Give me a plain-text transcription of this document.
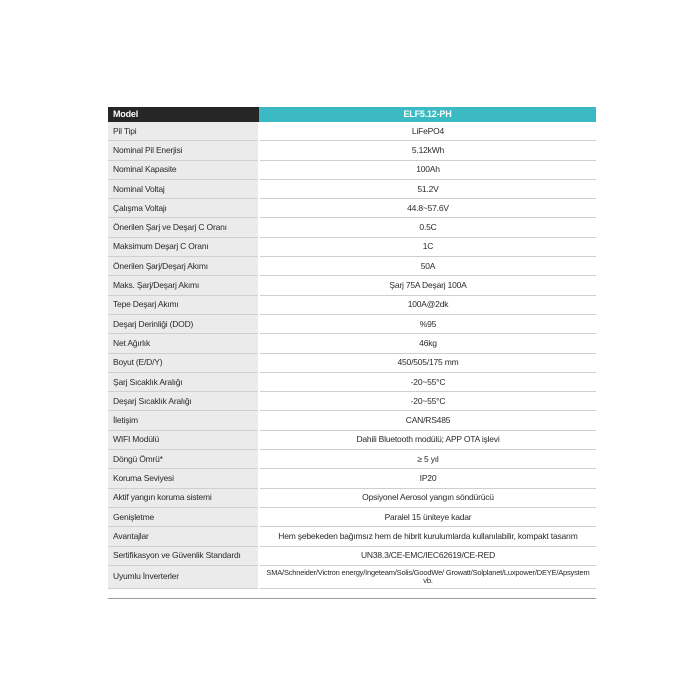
Model	ELF5.12-PH
Pil Tipi	LiFePO4
Nominal Pil Enerjisi	5.12kWh
Nominal Kapasite	100Ah
Nominal Voltaj	51.2V
Çalışma Voltajı	44.8~57.6V
Önerilen Şarj ve Deşarj C Oranı	0.5C
Maksimum Deşarj C Oranı	1C
Önerilen Şarj/Deşarj Akımı	50A
Maks. Şarj/Deşarj Akımı	Şarj 75A Deşarj 100A
Tepe Deşarj Akımı	100A@2dk
Deşarj Derinliği (DOD)	%95
Net Ağırlık	46kg
Boyut (E/D/Y)	450/505/175 mm
Şarj Sıcaklık Aralığı	-20~55°C
Deşarj Sıcaklık Aralığı	-20~55°C
İletişim	CAN/RS485
WIFI Modülü	Dahili Bluetooth modülü; APP OTA işlevi
Döngü Ömrü*	≥ 5 yıl
Koruma Seviyesi	IP20
Aktif yangın koruma sistemi	Opsiyonel Aerosol yangın söndürücü
Genişletme	Paralel 15 üniteye kadar
Avantajlar	Hem şebekeden bağımsız hem de hibrit kurulumlarda kullanılabilir, kompakt tasarım
Sertifikasyon ve Güvenlik Standardı	UN38.3/CE-EMC/IEC62619/CE-RED
Uyumlu İnverterler	SMA/Schneider/Victron energy/Ingeteam/Solis/GoodWe/ Growatt/Solplanet/Luxpower/DEYE/Apsystem vb.
